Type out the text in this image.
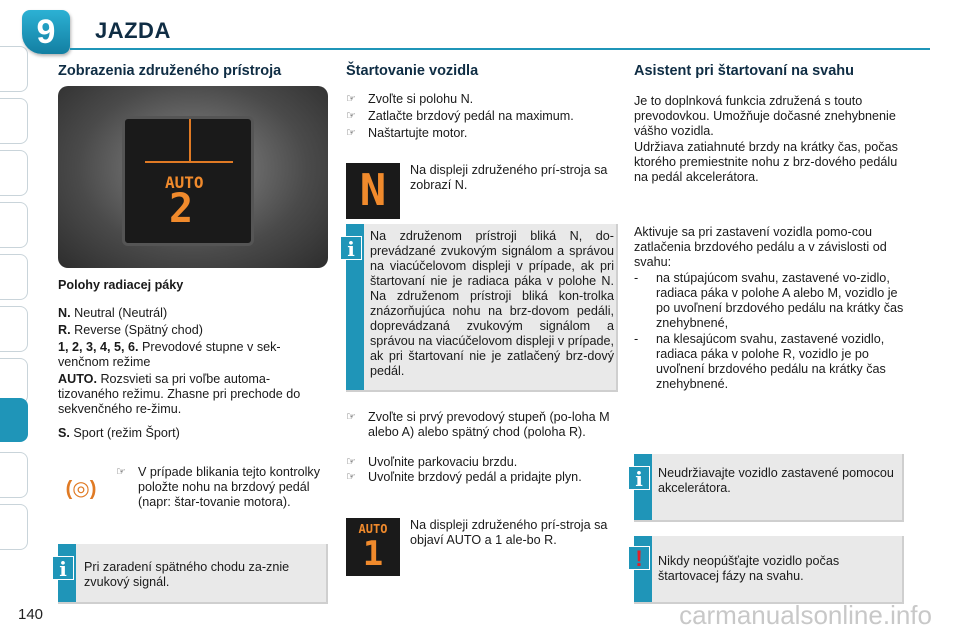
9	JAZDA
Zobrazenia združeného prístroja
AUTO
2
Polohy radiacej páky
N. Neutral (Neutrál)
R. Reverse (Spätný chod)
1, 2, 3, 4, 5, 6. Prevodové stupne v sek-venčnom režime
AUTO. Rozsvieti sa pri voľbe automa-tizovaného režimu. Zhasne pri prechode do sekvenčného re-žimu.
S. Sport (režim Šport)
(◎)
☞ V prípade blikania tejto kontrolky položte nohu na brzdový pedál (napr: štar-tovanie motora).
Pri zaradení spätného chodu za-znie zvukový signál.
i
Štartovanie vozidla
☞ Zvoľte si polohu N.
☞ Zatlačte brzdový pedál na maximum.
☞ Naštartujte motor.
N	Na displeji združeného prí-stroja sa zobrazí N.
Na združenom prístroji bliká N, do-prevádzané zvukovým signálom a správou na viacúčelovom displeji v prípade, ak pri štartovaní nie je radiaca páka v polohe N. Na združenom prístroji bliká kon-trolka znázorňujúca nohu na brz-dovom pedáli, doprevádzaná zvukovým signálom a správou na viacúčelovom displeji v prípade, ak pri štartovaní nie je zatlačený brz-dový pedál.
i
☞ Zvoľte si prvý prevodový stupeň (po-loha M alebo A) alebo spätný chod (poloha R).
☞ Uvoľnite parkovaciu brzdu.
☞ Uvoľnite brzdový pedál a pridajte plyn.
AUTO
1
Na displeji združeného prí-stroja sa objaví AUTO a 1 ale-bo R.
Asistent pri štartovaní na svahu
Je to doplnková funkcia združená s touto prevodovkou. Umožňuje dočasné znehybnenie vášho vozidla.
Udržiava zatiahnuté brzdy na krátky čas, počas ktorého premiestnite nohu z brz-dového pedálu na pedál akcelerátora.
Aktivuje sa pri zastavení vozidla pomo-cou zatlačenia brzdového pedálu a v závislosti od svahu:
-	na stúpajúcom svahu, zastavené vo-zidlo, radiaca páka v polohe A alebo M, vozidlo je po uvoľnení brzdového pedálu na krátky čas znehybnené,
-	na klesajúcom svahu, zastavené vozidlo, radiaca páka v polohe R, vozidlo je po uvoľnení brzdového pedálu na krátky čas znehybnené.
Neudržiavajte vozidlo zastavené pomocou akcelerátora.
i
Nikdy neopúšťajte vozidlo počas štartovacej fázy na svahu.
!
140	carmanualsonline.info
